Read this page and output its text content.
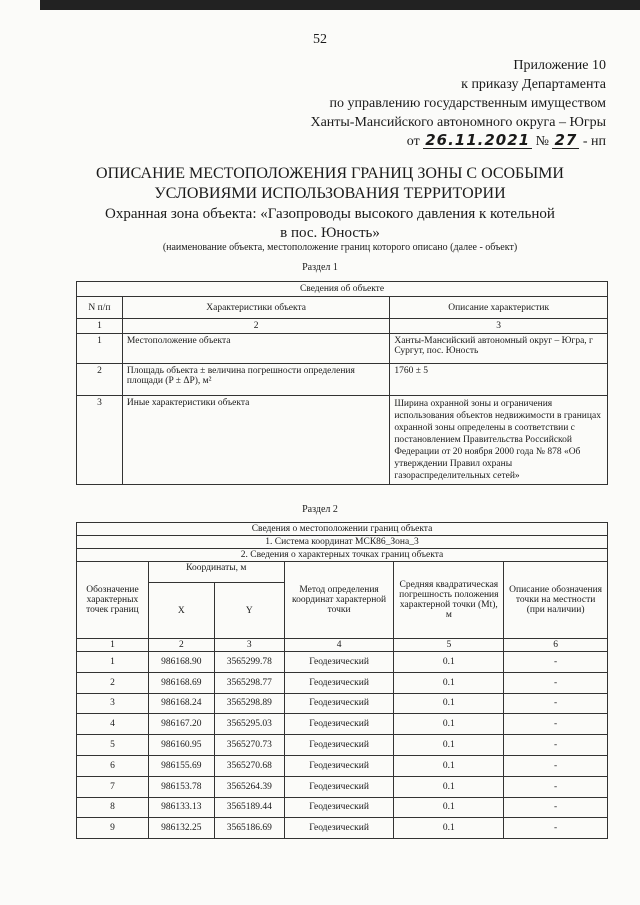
52
Приложение 10
к приказу Департамента
по управлению государственным имуществом
Ханты-Мансийского автономного округа – Югры
от 26.11.2021 № 27 - нп
ОПИСАНИЕ МЕСТОПОЛОЖЕНИЯ ГРАНИЦ ЗОНЫ С ОСОБЫМИ
УСЛОВИЯМИ ИСПОЛЬЗОВАНИЯ ТЕРРИТОРИИ
Охранная зона объекта: «Газопроводы высокого давления к котельной
в пос. Юность»
(наименование объекта, местоположение границ которого описано (далее - объект)
Раздел 1
Сведения об объекте		
N п/п	Характеристики объекта	Описание характеристик
1	2	3
1	Местоположение объекта	Ханты-Мансийский автономный округ – Югра, г Сургут, пос. Юность
2	Площадь объекта ± величина погрешности определения площади (P ± ΔP), м²	1760 ± 5
3	Иные характеристики объекта	Ширина охранной зоны и ограничения использования объектов недвижимости в границах охранной зоны определены в соответствии с постановлением Правительства Российской Федерации от 20 ноября 2000 года № 878 «Об утверждении Правил охраны газораспределительных сетей»
Раздел 2
Сведения о местоположении границ объекта					
1. Система координат МСК86_Зона_3					
2. Сведения о характерных точках границ объекта					
Обозначение характерных точек границ	Координаты, м		Метод определения координат характерной точки	Средняя квадратическая погрешность положения характерной точки (Mt), м	Описание обозначения точки на местности (при наличии)
	X	Y			
1	2	3	4	5	6
1	986168.90	3565299.78	Геодезический	0.1	-
2	986168.69	3565298.77	Геодезический	0.1	-
3	986168.24	3565298.89	Геодезический	0.1	-
4	986167.20	3565295.03	Геодезический	0.1	-
5	986160.95	3565270.73	Геодезический	0.1	-
6	986155.69	3565270.68	Геодезический	0.1	-
7	986153.78	3565264.39	Геодезический	0.1	-
8	986133.13	3565189.44	Геодезический	0.1	-
9	986132.25	3565186.69	Геодезический	0.1	-
